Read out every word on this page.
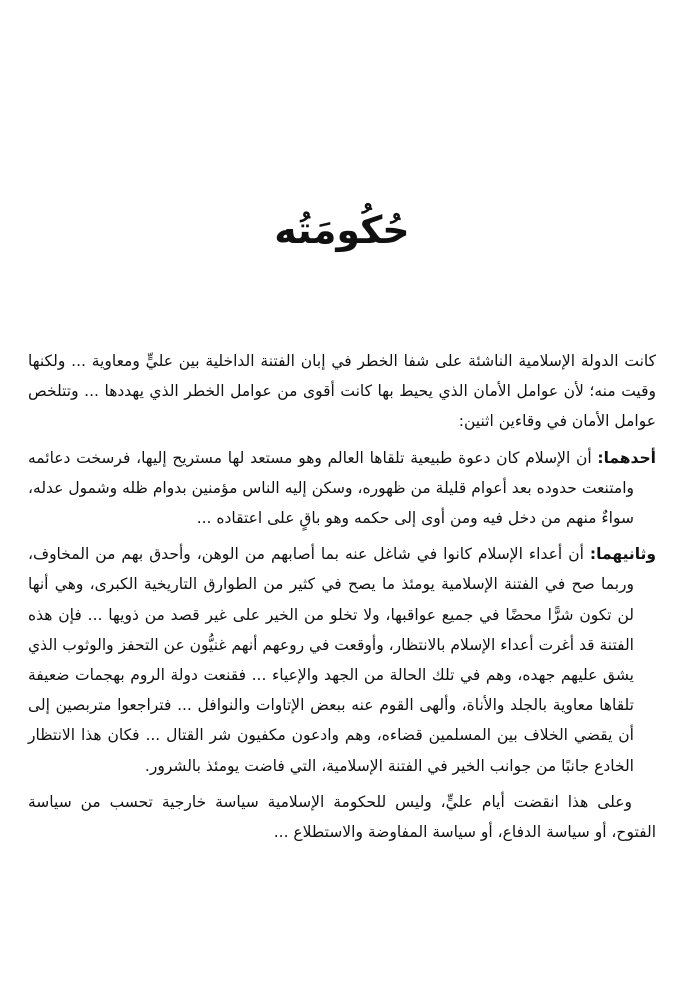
حُكُومَتُه

كانت الدولة الإسلامية الناشئة على شفا الخطر في إبان الفتنة الداخلية بين عليٍّ ومعاوية ... ولكنها وقيت منه؛ لأن عوامل الأمان الذي يحيط بها كانت أقوى من عوامل الخطر الذي يهددها ... وتتلخص عوامل الأمان في وقاءين اثنين:

أحدهما: أن الإسلام كان دعوة طبيعية تلقاها العالم وهو مستعد لها مستريح إليها، فرسخت دعائمه وامتنعت حدوده بعد أعوام قليلة من ظهوره، وسكن إليه الناس مؤمنين بدوام ظله وشمول عدله، سواءٌ منهم من دخل فيه ومن أوى إلى حكمه وهو باقٍ على اعتقاده ...

وثانيهما: أن أعداء الإسلام كانوا في شاغل عنه بما أصابهم من الوهن، وأحدق بهم من المخاوف، وربما صح في الفتنة الإسلامية يومئذ ما يصح في كثير من الطوارق التاريخية الكبرى، وهي أنها لن تكون شرًّا محضًا في جميع عواقبها، ولا تخلو من الخير على غير قصد من ذويها ... فإن هذه الفتنة قد أغرت أعداء الإسلام بالانتظار، وأوقعت في روعهم أنهم غنيُّون عن التحفز والوثوب الذي يشق عليهم جهده، وهم في تلك الحالة من الجهد والإعياء ... فقنعت دولة الروم بهجمات ضعيفة تلقاها معاوية بالجلد والأناة، وألهى القوم عنه ببعض الإتاوات والنوافل ... فتراجعوا متربصين إلى أن يقضي الخلاف بين المسلمين قضاءه، وهم وادعون مكفيون شر القتال ... فكان هذا الانتظار الخادع جانبًا من جوانب الخير في الفتنة الإسلامية، التي فاضت يومئذ بالشرور.

وعلى هذا انقضت أيام عليٍّ، وليس للحكومة الإسلامية سياسة خارجية تحسب من سياسة الفتوح، أو سياسة الدفاع، أو سياسة المفاوضة والاستطلاع ...
